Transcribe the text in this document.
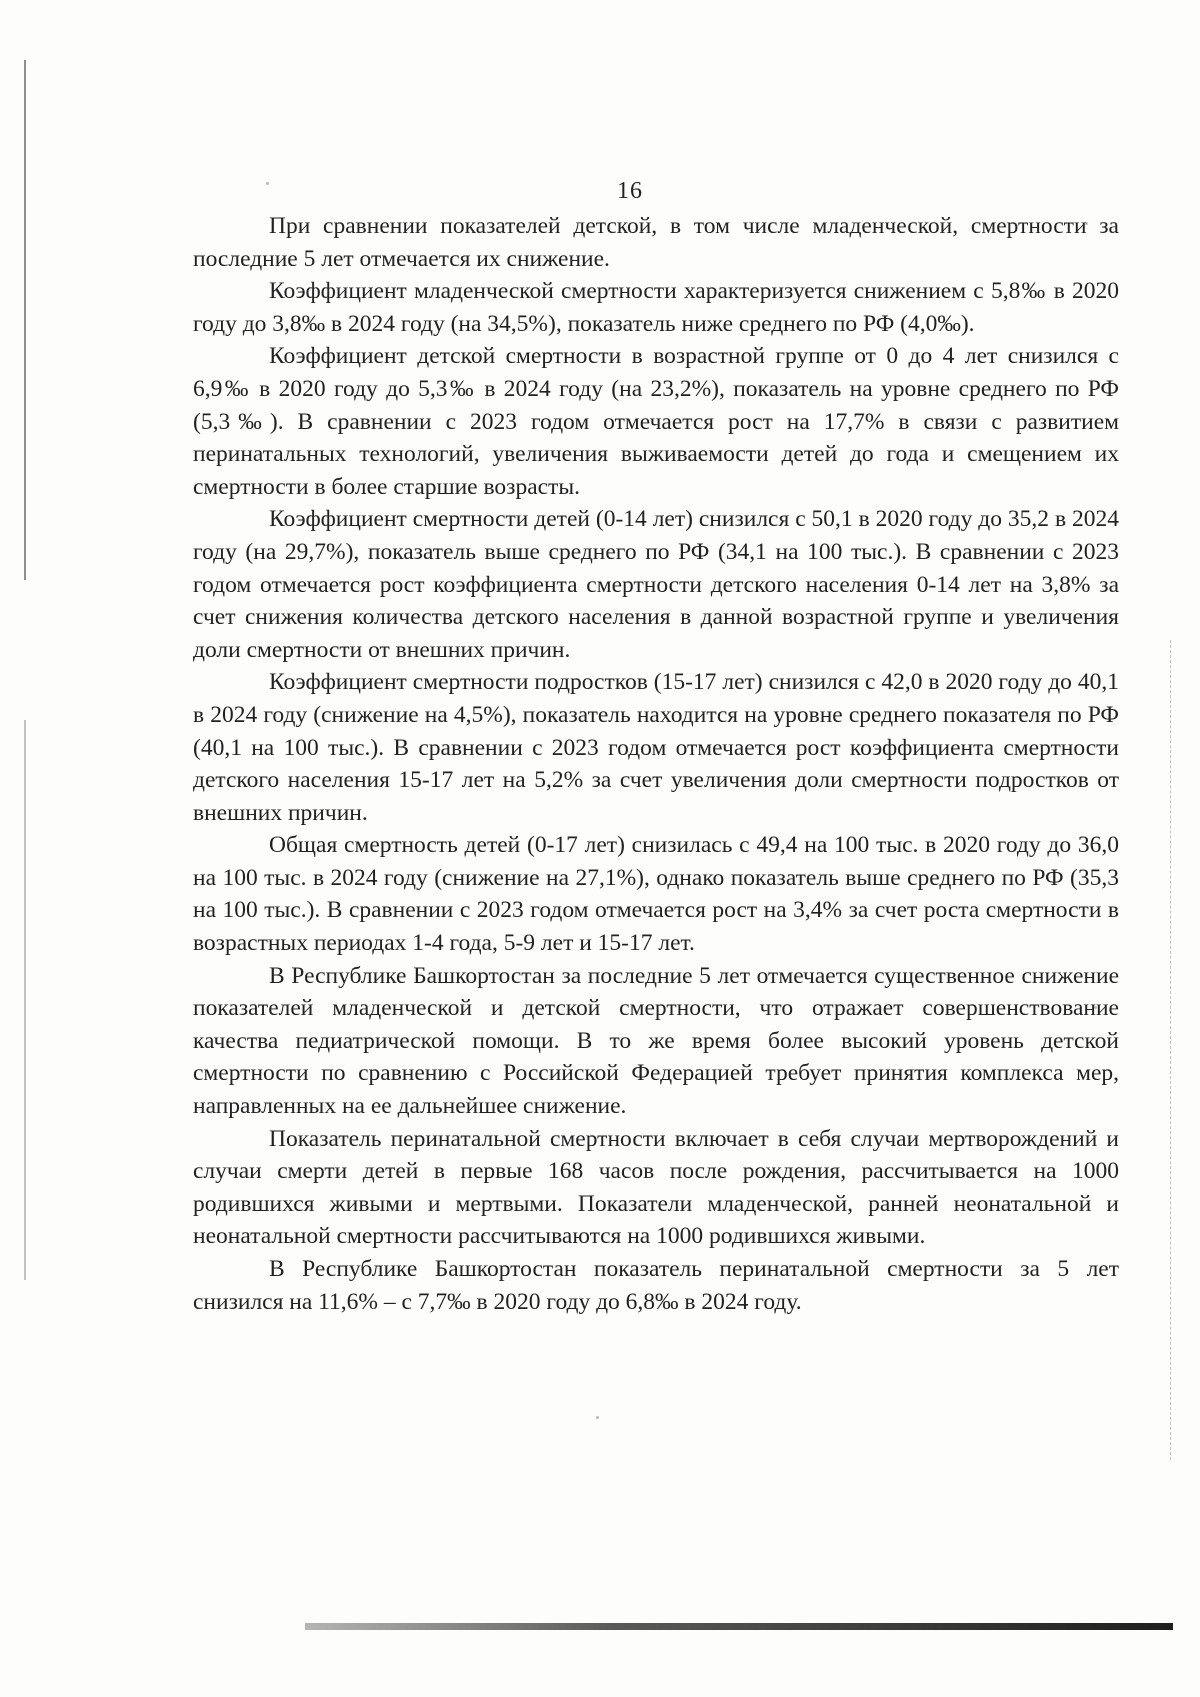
16

При сравнении показателей детской, в том числе младенческой, смертности за последние 5 лет отмечается их снижение.

Коэффициент младенческой смертности характеризуется снижением с 5,8‰ в 2020 году до 3,8‰ в 2024 году (на 34,5%), показатель ниже среднего по РФ (4,0‰).

Коэффициент детской смертности в возрастной группе от 0 до 4 лет снизился с 6,9‰ в 2020 году до 5,3‰ в 2024 году (на 23,2%), показатель на уровне среднего по РФ (5,3‰). В сравнении с 2023 годом отмечается рост на 17,7% в связи с развитием перинатальных технологий, увеличения выживаемости детей до года и смещением их смертности в более старшие возрасты.

Коэффициент смертности детей (0-14 лет) снизился с 50,1 в 2020 году до 35,2 в 2024 году (на 29,7%), показатель выше среднего по РФ (34,1 на 100 тыс.). В сравнении с 2023 годом отмечается рост коэффициента смертности детского населения 0-14 лет на 3,8% за счет снижения количества детского населения в данной возрастной группе и увеличения доли смертности от внешних причин.

Коэффициент смертности подростков (15-17 лет) снизился с 42,0 в 2020 году до 40,1 в 2024 году (снижение на 4,5%), показатель находится на уровне среднего показателя по РФ (40,1 на 100 тыс.). В сравнении с 2023 годом отмечается рост коэффициента смертности детского населения 15-17 лет на 5,2% за счет увеличения доли смертности подростков от внешних причин.

Общая смертность детей (0-17 лет) снизилась с 49,4 на 100 тыс. в 2020 году до 36,0 на 100 тыс. в 2024 году (снижение на 27,1%), однако показатель выше среднего по РФ (35,3 на 100 тыс.). В сравнении с 2023 годом отмечается рост на 3,4% за счет роста смертности в возрастных периодах 1-4 года, 5-9 лет и 15-17 лет.

В Республике Башкортостан за последние 5 лет отмечается существенное снижение показателей младенческой и детской смертности, что отражает совершенствование качества педиатрической помощи. В то же время более высокий уровень детской смертности по сравнению с Российской Федерацией требует принятия комплекса мер, направленных на ее дальнейшее снижение.

Показатель перинатальной смертности включает в себя случаи мертворождений и случаи смерти детей в первые 168 часов после рождения, рассчитывается на 1000 родившихся живыми и мертвыми. Показатели младенческой, ранней неонатальной и неонатальной смертности рассчитываются на 1000 родившихся живыми.

В Республике Башкортостан показатель перинатальной смертности за 5 лет снизился на 11,6% – с 7,7‰ в 2020 году до 6,8‰ в 2024 году.
